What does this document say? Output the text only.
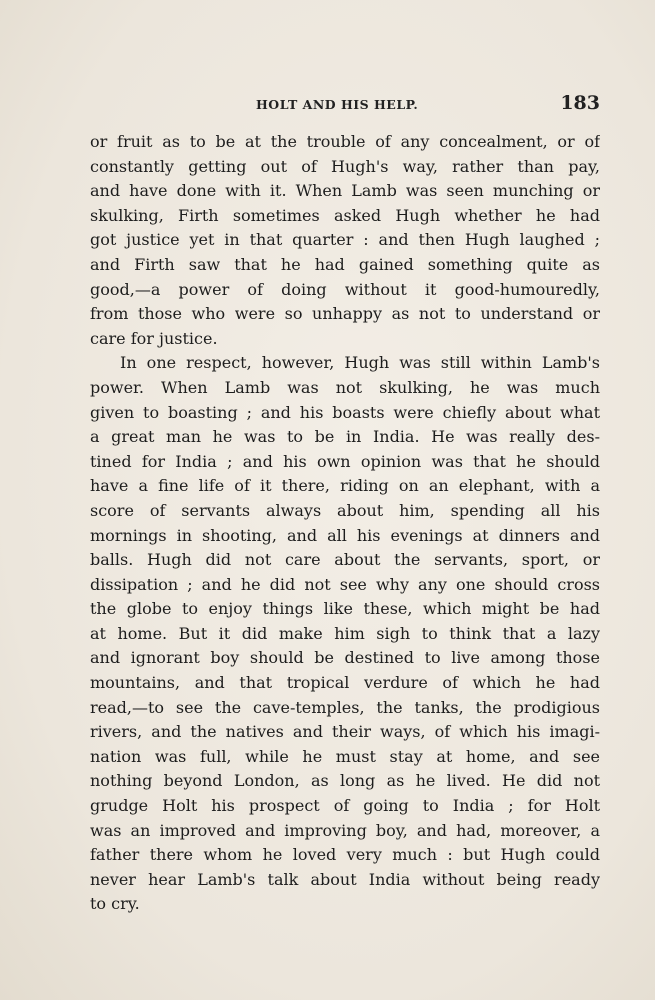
HOLT AND HIS HELP.	183

or fruit as to be at the trouble of any concealment, or of
constantly getting out of Hugh's way, rather than pay,
and have done with it. When Lamb was seen munching or
skulking, Firth sometimes asked Hugh whether he had
got justice yet in that quarter : and then Hugh laughed ;
and Firth saw that he had gained something quite as
good,—a power of doing without it good-humouredly,
from those who were so unhappy as not to understand or
care for justice.

In one respect, however, Hugh was still within Lamb's
power. When Lamb was not skulking, he was much
given to boasting ; and his boasts were chiefly about what
a great man he was to be in India. He was really des-
tined for India ; and his own opinion was that he should
have a fine life of it there, riding on an elephant, with a
score of servants always about him, spending all his
mornings in shooting, and all his evenings at dinners and
balls. Hugh did not care about the servants, sport, or
dissipation ; and he did not see why any one should cross
the globe to enjoy things like these, which might be had
at home. But it did make him sigh to think that a lazy
and ignorant boy should be destined to live among those
mountains, and that tropical verdure of which he had
read,—to see the cave-temples, the tanks, the prodigious
rivers, and the natives and their ways, of which his imagi-
nation was full, while he must stay at home, and see
nothing beyond London, as long as he lived. He did not
grudge Holt his prospect of going to India ; for Holt
was an improved and improving boy, and had, moreover, a
father there whom he loved very much : but Hugh could
never hear Lamb's talk about India without being ready
to cry.
